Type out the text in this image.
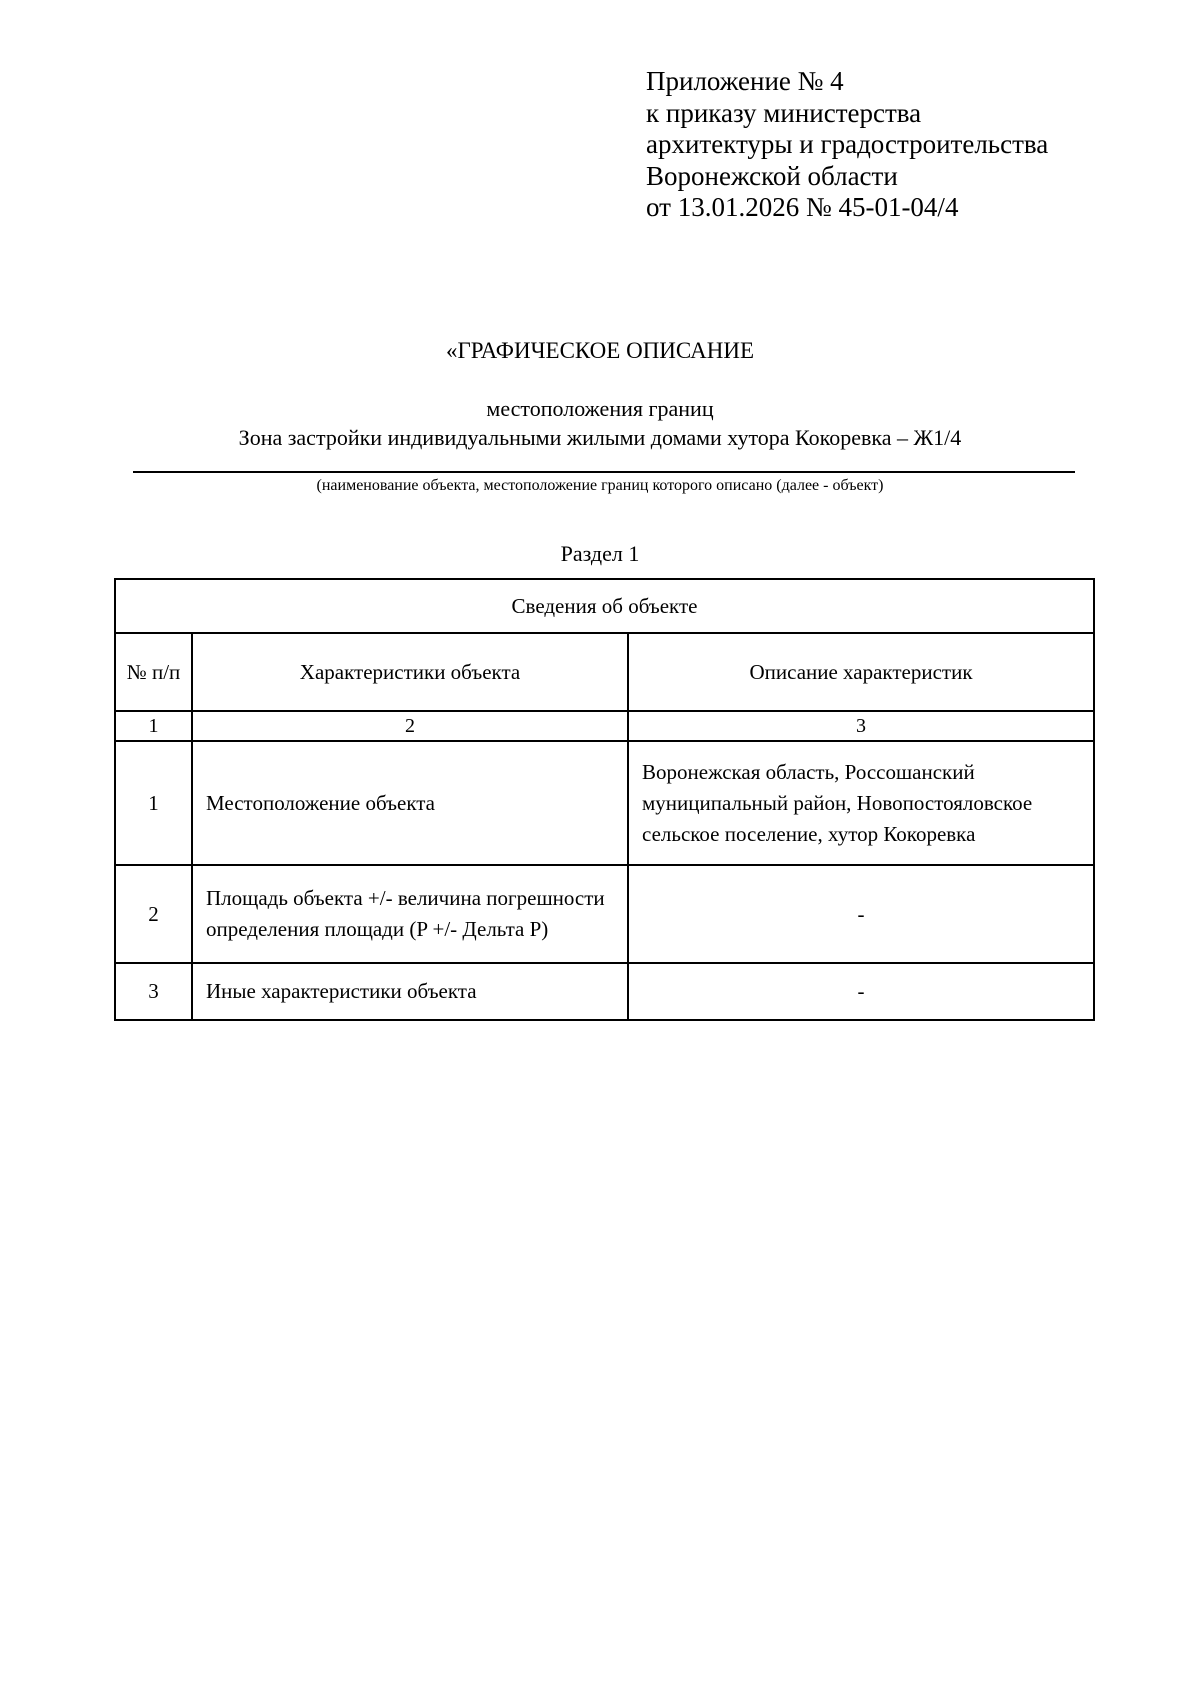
Приложение № 4
к приказу министерства
архитектуры и градостроительства
Воронежской области
от 13.01.2026 № 45-01-04/4
«ГРАФИЧЕСКОЕ ОПИСАНИЕ
местоположения границ
Зона застройки индивидуальными жилыми домами хутора Кокоревка – Ж1/4
(наименование объекта, местоположение границ которого описано (далее - объект)
Раздел 1
Сведения об объекте		
№ п/п	Характеристики объекта	Описание характеристик
1	2	3
1	Местоположение объекта	Воронежская область, Россошанский муниципальный район, Новопостояловское сельское поселение, хутор Кокоревка
2	Площадь объекта +/- величина погрешности определения площади (P +/- Дельта P)	-
3	Иные характеристики объекта	-
